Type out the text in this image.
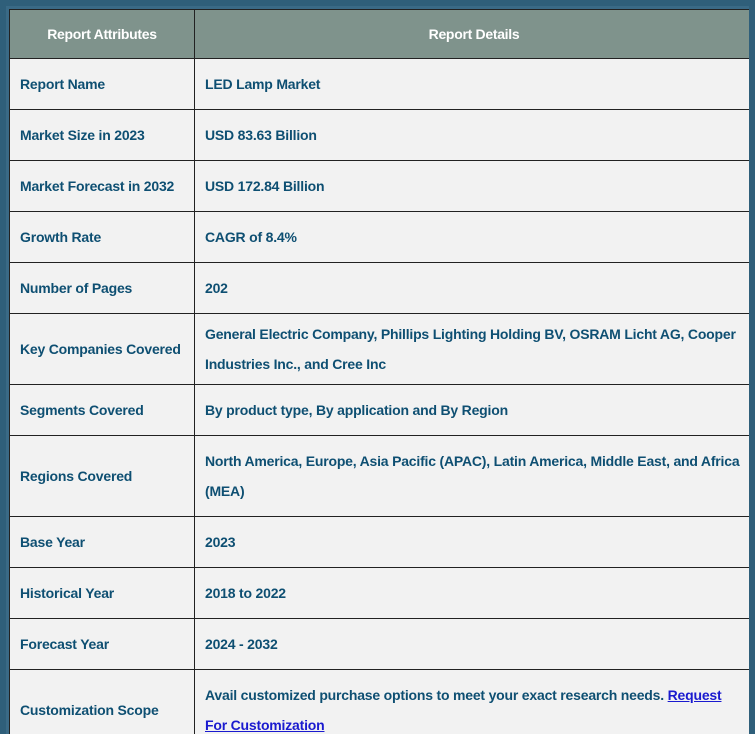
Report Attributes	Report Details
Report Name	LED Lamp Market
Market Size in 2023	USD 83.63 Billion
Market Forecast in 2032	USD 172.84 Billion
Growth Rate	CAGR of 8.4%
Number of Pages	202
Key Companies Covered	General Electric Company, Phillips Lighting Holding BV, OSRAM Licht AG, Cooper Industries Inc., and Cree Inc
Segments Covered	By product type, By application and By Region
Regions Covered	North America, Europe, Asia Pacific (APAC), Latin America, Middle East, and Africa (MEA)
Base Year	2023
Historical Year	2018 to 2022
Forecast Year	2024 - 2032
Customization Scope	Avail customized purchase options to meet your exact research needs. Request For Customization
